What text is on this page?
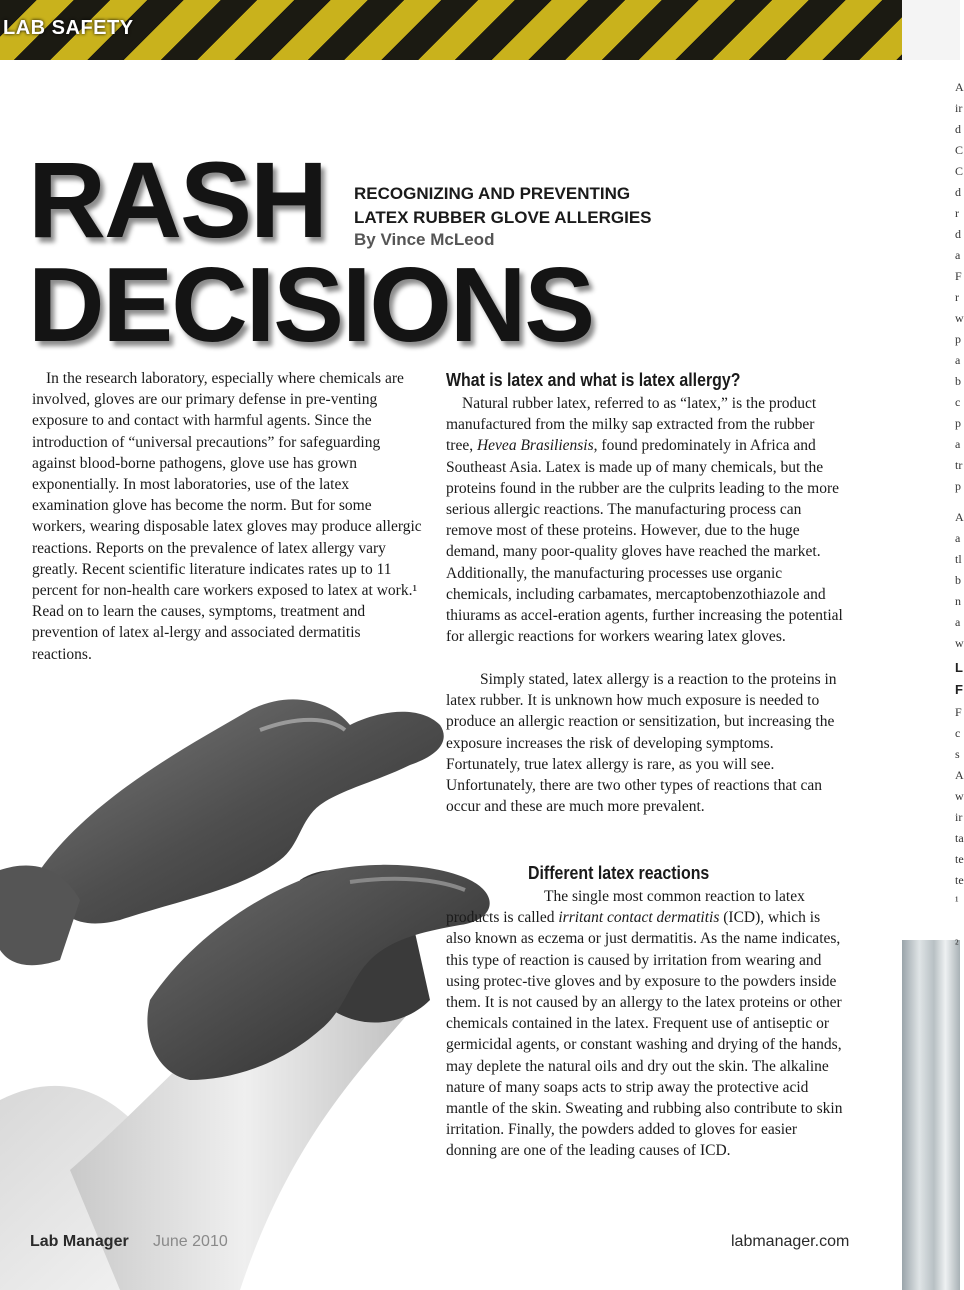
LAB SAFETY
A
ir
d
C
C
d
r
d
a
F
r
w
p
a
b
c
p
a
tr
p
A
a
tl
b
n
a
w
L
F
F
c
s
A
w
ir
ta
te
te
¹
²
RASH
DECISIONS
RECOGNIZING AND PREVENTING
LATEX RUBBER GLOVE ALLERGIES
By Vince McLeod

In the research laboratory, especially where chemicals are involved, gloves are our primary defense in pre-venting exposure to and contact with harmful agents. Since the introduction of “universal precautions” for safeguarding against blood-borne pathogens, glove use has grown exponentially. In most laboratories, use of the latex examination glove has become the norm. But for some workers, wearing disposable latex gloves may produce allergic reactions. Reports on the prevalence of latex allergy vary greatly. Recent scientific literature indicates rates up to 11 percent for non-health care workers exposed to latex at work.¹ Read on to learn the causes, symptoms, treatment and prevention of latex al-lergy and associated dermatitis reactions.

What is latex and what is latex allergy?

Natural rubber latex, referred to as “latex,” is the product manufactured from the milky sap extracted from the rubber tree, Hevea Brasiliensis, found predominately in Africa and Southeast Asia. Latex is made up of many chemicals, but the proteins found in the rubber are the culprits leading to the more serious allergic reactions. The manufacturing process can remove most of these proteins. However, due to the huge demand, many poor-quality gloves have reached the market. Additionally, the manufacturing processes use organic chemicals, including carbamates, mercaptobenzothiazole and thiurams as accel-eration agents, further increasing the potential for allergic reactions for workers wearing latex gloves.

Simply stated, latex allergy is a reaction to the proteins in latex rubber. It is unknown how much exposure is needed to produce an allergic reaction or sensitization, but increasing the exposure increases the risk of developing symptoms. Fortunately, true latex allergy is rare, as you will see. Unfortunately, there are two other types of reactions that can occur and these are much more prevalent.

Different latex reactions

The single most common reaction to latex products is called irritant contact dermatitis (ICD), which is also known as eczema or just dermatitis. As the name indicates, this type of reaction is caused by irritation from wearing and using protec-tive gloves and by exposure to the powders inside them. It is not caused by an allergy to the latex proteins or other chemicals contained in the latex. Frequent use of antiseptic or germicidal agents, or constant washing and drying of the hands, may deplete the natural oils and dry out the skin. The alkaline nature of many soaps acts to strip away the protective acid mantle of the skin. Sweating and rubbing also contribute to skin irritation. Finally, the powders added to gloves for easier donning are one of the leading causes of ICD.

Lab Manager June 2010	labmanager.com
